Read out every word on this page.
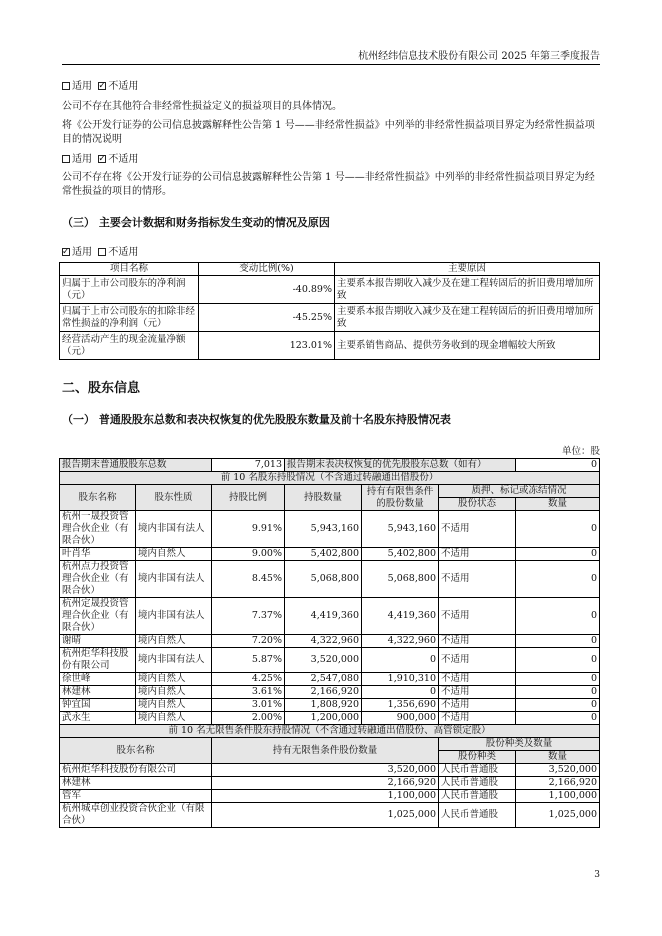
杭州经纬信息技术股份有限公司 2025 年第三季度报告
适用 ✓ 不适用
公司不存在其他符合非经常性损益定义的损益项目的具体情况。
将《公开发行证券的公司信息披露解释性公告第 1 号——非经常性损益》中列举的非经常性损益项目界定为经常性损益项目的情况说明
适用 ✓ 不适用
公司不存在将《公开发行证券的公司信息披露解释性公告第 1 号——非经常性损益》中列举的非经常性损益项目界定为经常性损益的项目的情形。
（三） 主要会计数据和财务指标发生变动的情况及原因
✓适用 不适用
项目名称	变动比例(%)	主要原因
归属于上市公司股东的净利润（元）	-40.89%	主要系本报告期收入减少及在建工程转固后的折旧费用增加所致
归属于上市公司股东的扣除非经常性损益的净利润（元）	-45.25%	主要系本报告期收入减少及在建工程转固后的折旧费用增加所致
经营活动产生的现金流量净额（元）	123.01%	主要系销售商品、提供劳务收到的现金增幅较大所致
二、股东信息
（一） 普通股股东总数和表决权恢复的优先股股东数量及前十名股东持股情况表
单位：股
报告期末普通股股东总数		7,013	报告期末表决权恢复的优先股股东总数（如有）			0
前 10 名股东持股情况（不含通过转融通出借股份）						
股东名称	股东性质	持股比例	持股数量	持有有限售条件的股份数量	质押、标记或冻结情况	
					股份状态	数量
杭州一晟投资管理合伙企业（有限合伙）	境内非国有法人	9.91%	5,943,160	5,943,160	不适用	0
叶肖华	境内自然人	9.00%	5,402,800	5,402,800	不适用	0
杭州点力投资管理合伙企业（有限合伙）	境内非国有法人	8.45%	5,068,800	5,068,800	不适用	0
杭州定晟投资管理合伙企业（有限合伙）	境内非国有法人	7.37%	4,419,360	4,419,360	不适用	0
谢晴	境内自然人	7.20%	4,322,960	4,322,960	不适用	0
杭州炬华科技股份有限公司	境内非国有法人	5.87%	3,520,000	0	不适用	0
徐世峰	境内自然人	4.25%	2,547,080	1,910,310	不适用	0
林建林	境内自然人	3.61%	2,166,920	0	不适用	0
钟宜国	境内自然人	3.01%	1,808,920	1,356,690	不适用	0
武永生	境内自然人	2.00%	1,200,000	900,000	不适用	0
前 10 名无限售条件股东持股情况（不含通过转融通出借股份、高管锁定股）						
股东名称		持有无限售条件股份数量			股份种类及数量	
					股份种类	数量
杭州炬华科技股份有限公司		3,520,000			人民币普通股	3,520,000
林建林		2,166,920			人民币普通股	2,166,920
管军		1,100,000			人民币普通股	1,100,000
杭州城卓创业投资合伙企业（有限合伙）		1,025,000			人民币普通股	1,025,000
3
